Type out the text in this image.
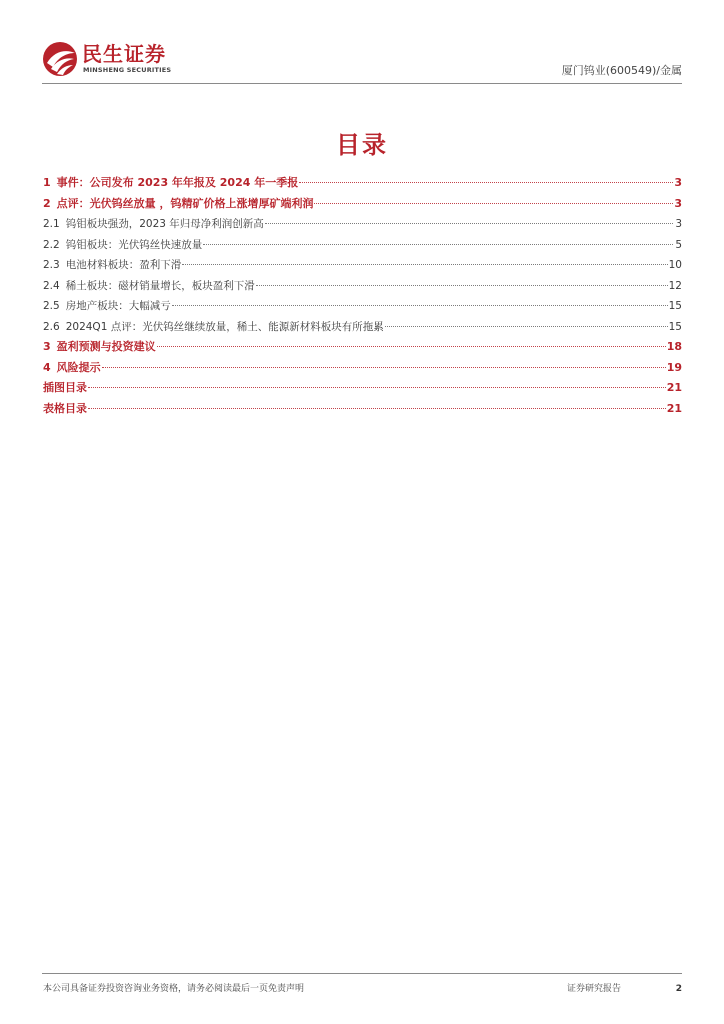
民生证券
MINSHENG SECURITIES	厦门钨业(600549)/金属
目录
1 事件：公司发布 2023 年年报及 2024 年一季报	3
2 点评：光伏钨丝放量 ，钨精矿价格上涨增厚矿端利润	3
2.1 钨钼板块强劲，2023 年归母净利润创新高	3
2.2 钨钼板块：光伏钨丝快速放量	5
2.3 电池材料板块：盈利下滑	10
2.4 稀土板块：磁材销量增长，板块盈利下滑	12
2.5 房地产板块：大幅减亏	15
2.6 2024Q1 点评：光伏钨丝继续放量，稀土、能源新材料板块有所拖累	15
3 盈利预测与投资建议	18
4 风险提示	19
插图目录	21
表格目录	21
本公司具备证券投资咨询业务资格，请务必阅读最后一页免责声明	证券研究报告	2
